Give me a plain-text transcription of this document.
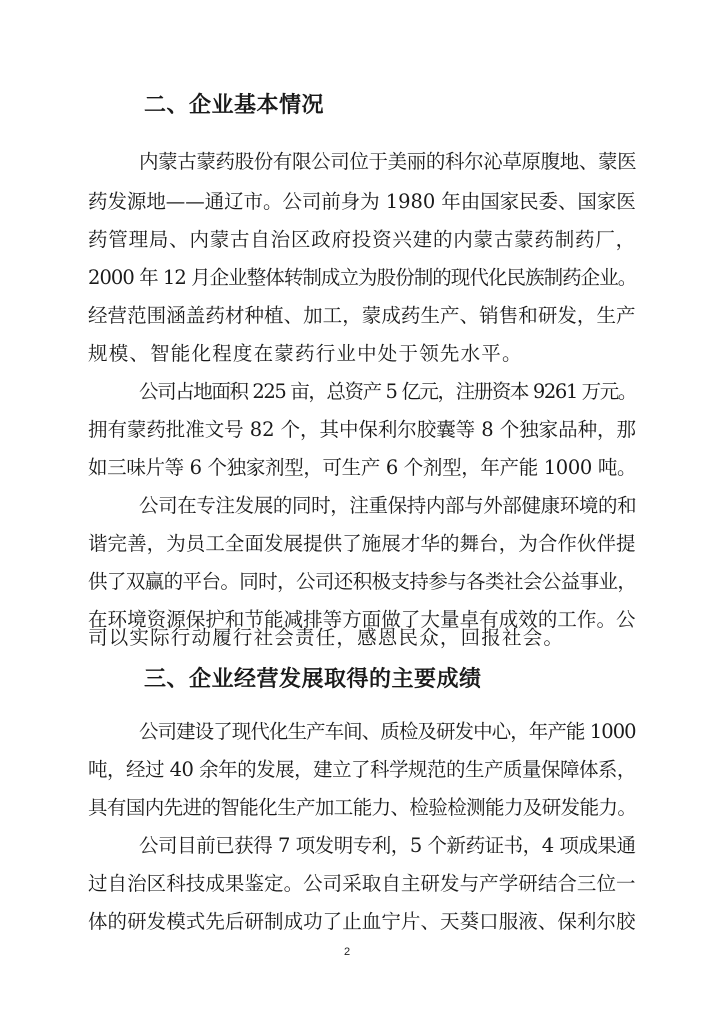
二、企业基本情况
内蒙古蒙药股份有限公司位于美丽的科尔沁草原腹地、蒙医
药发源地——通辽市。公司前身为 1980 年由国家民委、国家医
药管理局、内蒙古自治区政府投资兴建的内蒙古蒙药制药厂，
2000 年 12 月企业整体转制成立为股份制的现代化民族制药企业。
经营范围涵盖药材种植、加工，蒙成药生产、销售和研发，生产
规模、智能化程度在蒙药行业中处于领先水平。
公司占地面积 225 亩，总资产 5 亿元，注册资本 9261 万元。
拥有蒙药批准文号 82 个，其中保利尔胶囊等 8 个独家品种，那
如三味片等 6 个独家剂型，可生产 6 个剂型，年产能 1000 吨。
公司在专注发展的同时，注重保持内部与外部健康环境的和
谐完善，为员工全面发展提供了施展才华的舞台，为合作伙伴提
供了双赢的平台。同时，公司还积极支持参与各类社会公益事业，
在环境资源保护和节能减排等方面做了大量卓有成效的工作。公
司以实际行动履行社会责任，感恩民众，回报社会。
三、企业经营发展取得的主要成绩
公司建设了现代化生产车间、质检及研发中心，年产能 1000
吨，经过 40 余年的发展，建立了科学规范的生产质量保障体系，
具有国内先进的智能化生产加工能力、检验检测能力及研发能力。
公司目前已获得 7 项发明专利，5 个新药证书，4 项成果通
过自治区科技成果鉴定。公司采取自主研发与产学研结合三位一
体的研发模式先后研制成功了止血宁片、天葵口服液、保利尔胶
2
